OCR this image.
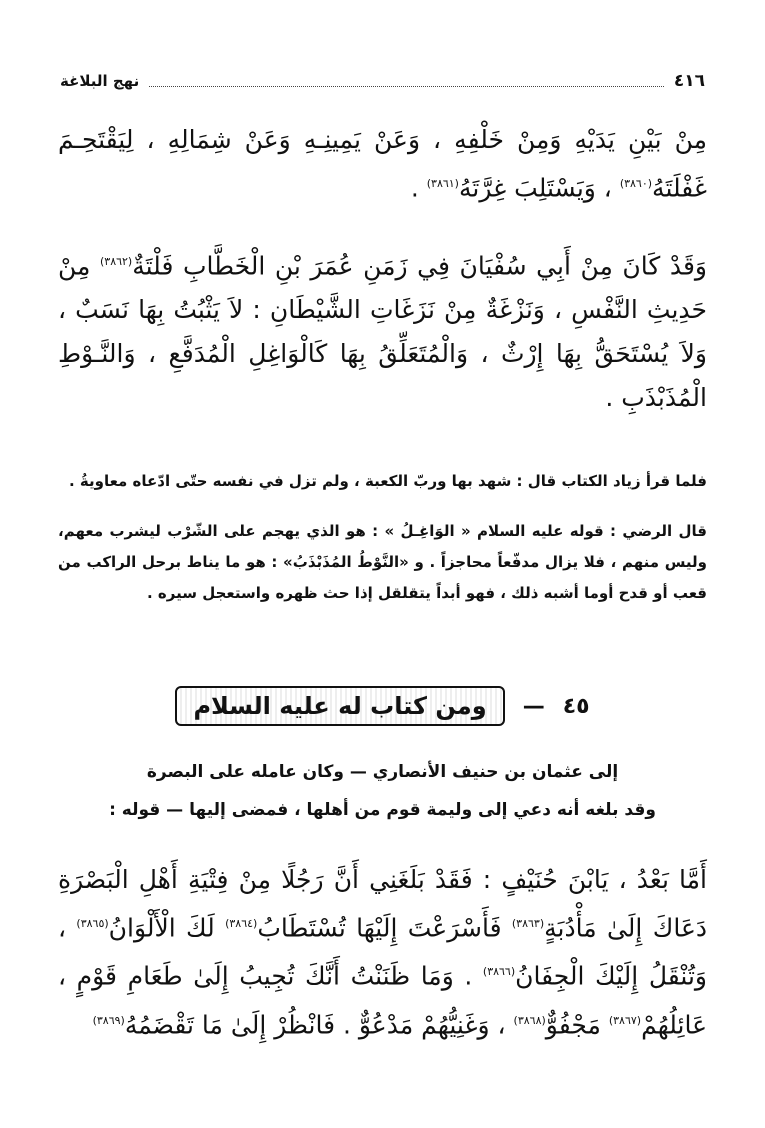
٤١٦
نهج البلاغة
مِنْ بَيْنِ يَدَيْهِ وَمِنْ خَلْفِهِ ، وَعَنْ يَمِينِـهِ وَعَنْ شِمَالِهِ ، لِيَقْتَحِـمَ غَفْلَتَهُ$^{(٣٨٦٠)}$ ، وَيَسْتَلِبَ غِرَّتَهُ$^{(٣٨٦١)}$ .
وَقَدْ كَانَ مِنْ أَبِي سُفْيَانَ فِي زَمَنِ عُمَرَ بْنِ الْخَطَّابِ فَلْتَةٌ$^{(٣٨٦٢)}$ مِنْ حَدِيثِ النَّفْسِ ، وَنَزْغَةٌ مِنْ نَزَغَاتِ الشَّيْطَانِ : لاَ يَثْبُتُ بِهَا نَسَبٌ ، وَلاَ يُسْتَحَقُّ بِهَا إِرْثٌ ، وَالْمُتَعَلِّقُ بِهَا كَالْوَاغِلِ الْمُدَفَّعِ ، وَالنَّـوْطِ الْمُذَبْذَبِ .
فلما قرأ زياد الكتاب قال : شهد بها وربّ الكعبة ، ولم تزل في نفسه حتّى ادّعاه معاويةُ .
قال الرضي : قوله عليه السلام « الوَاغِـلُ » : هو الذي يهجم على الشّرْب ليشرب معهم، وليس منهم ، فلا يزال مدفّعاً محاجزاً . و «النَّوْطُ المُذَبْذَبُ» : هو ما يناط برحل الراكب من قعب أو قدح أوما أشبه ذلك ، فهو أبداً يتقلقل إذا حث ظهره واستعجل سيره .
٤٥
—
ومن كتاب له عليه السلام
إلى عثمان بن حنيف الأنصاري — وكان عامله على البصرة
وقد بلغه أنه دعي إلى وليمة قوم من أهلها ، فمضى إليها — قوله :
أَمَّا بَعْدُ ، يَابْنَ حُنَيْفٍ : فَقَدْ بَلَغَنِي أَنَّ رَجُلًا مِنْ فِتْيَةِ أَهْلِ الْبَصْرَةِ دَعَاكَ إِلَىٰ مَأْدُبَةٍ$^{(٣٨٦٣)}$ فَأَسْرَعْتَ إِلَيْهَا تُسْتَطَابُ$^{(٣٨٦٤)}$ لَكَ الْأَلْوَانُ$^{(٣٨٦٥)}$ ، وَتُنْقَلُ إِلَيْكَ الْجِفَانُ$^{(٣٨٦٦)}$ . وَمَا ظَنَنْتُ أَنَّكَ تُجِيبُ إِلَىٰ طَعَامِ قَوْمٍ ، عَائِلُهُمْ$^{(٣٨٦٧)}$ مَجْفُوٌّ$^{(٣٨٦٨)}$ ، وَغَنِيُّهُمْ مَدْعُوٌّ . فَانْظُرْ إِلَىٰ مَا تَقْضَمُهُ$^{(٣٨٦٩)}$
